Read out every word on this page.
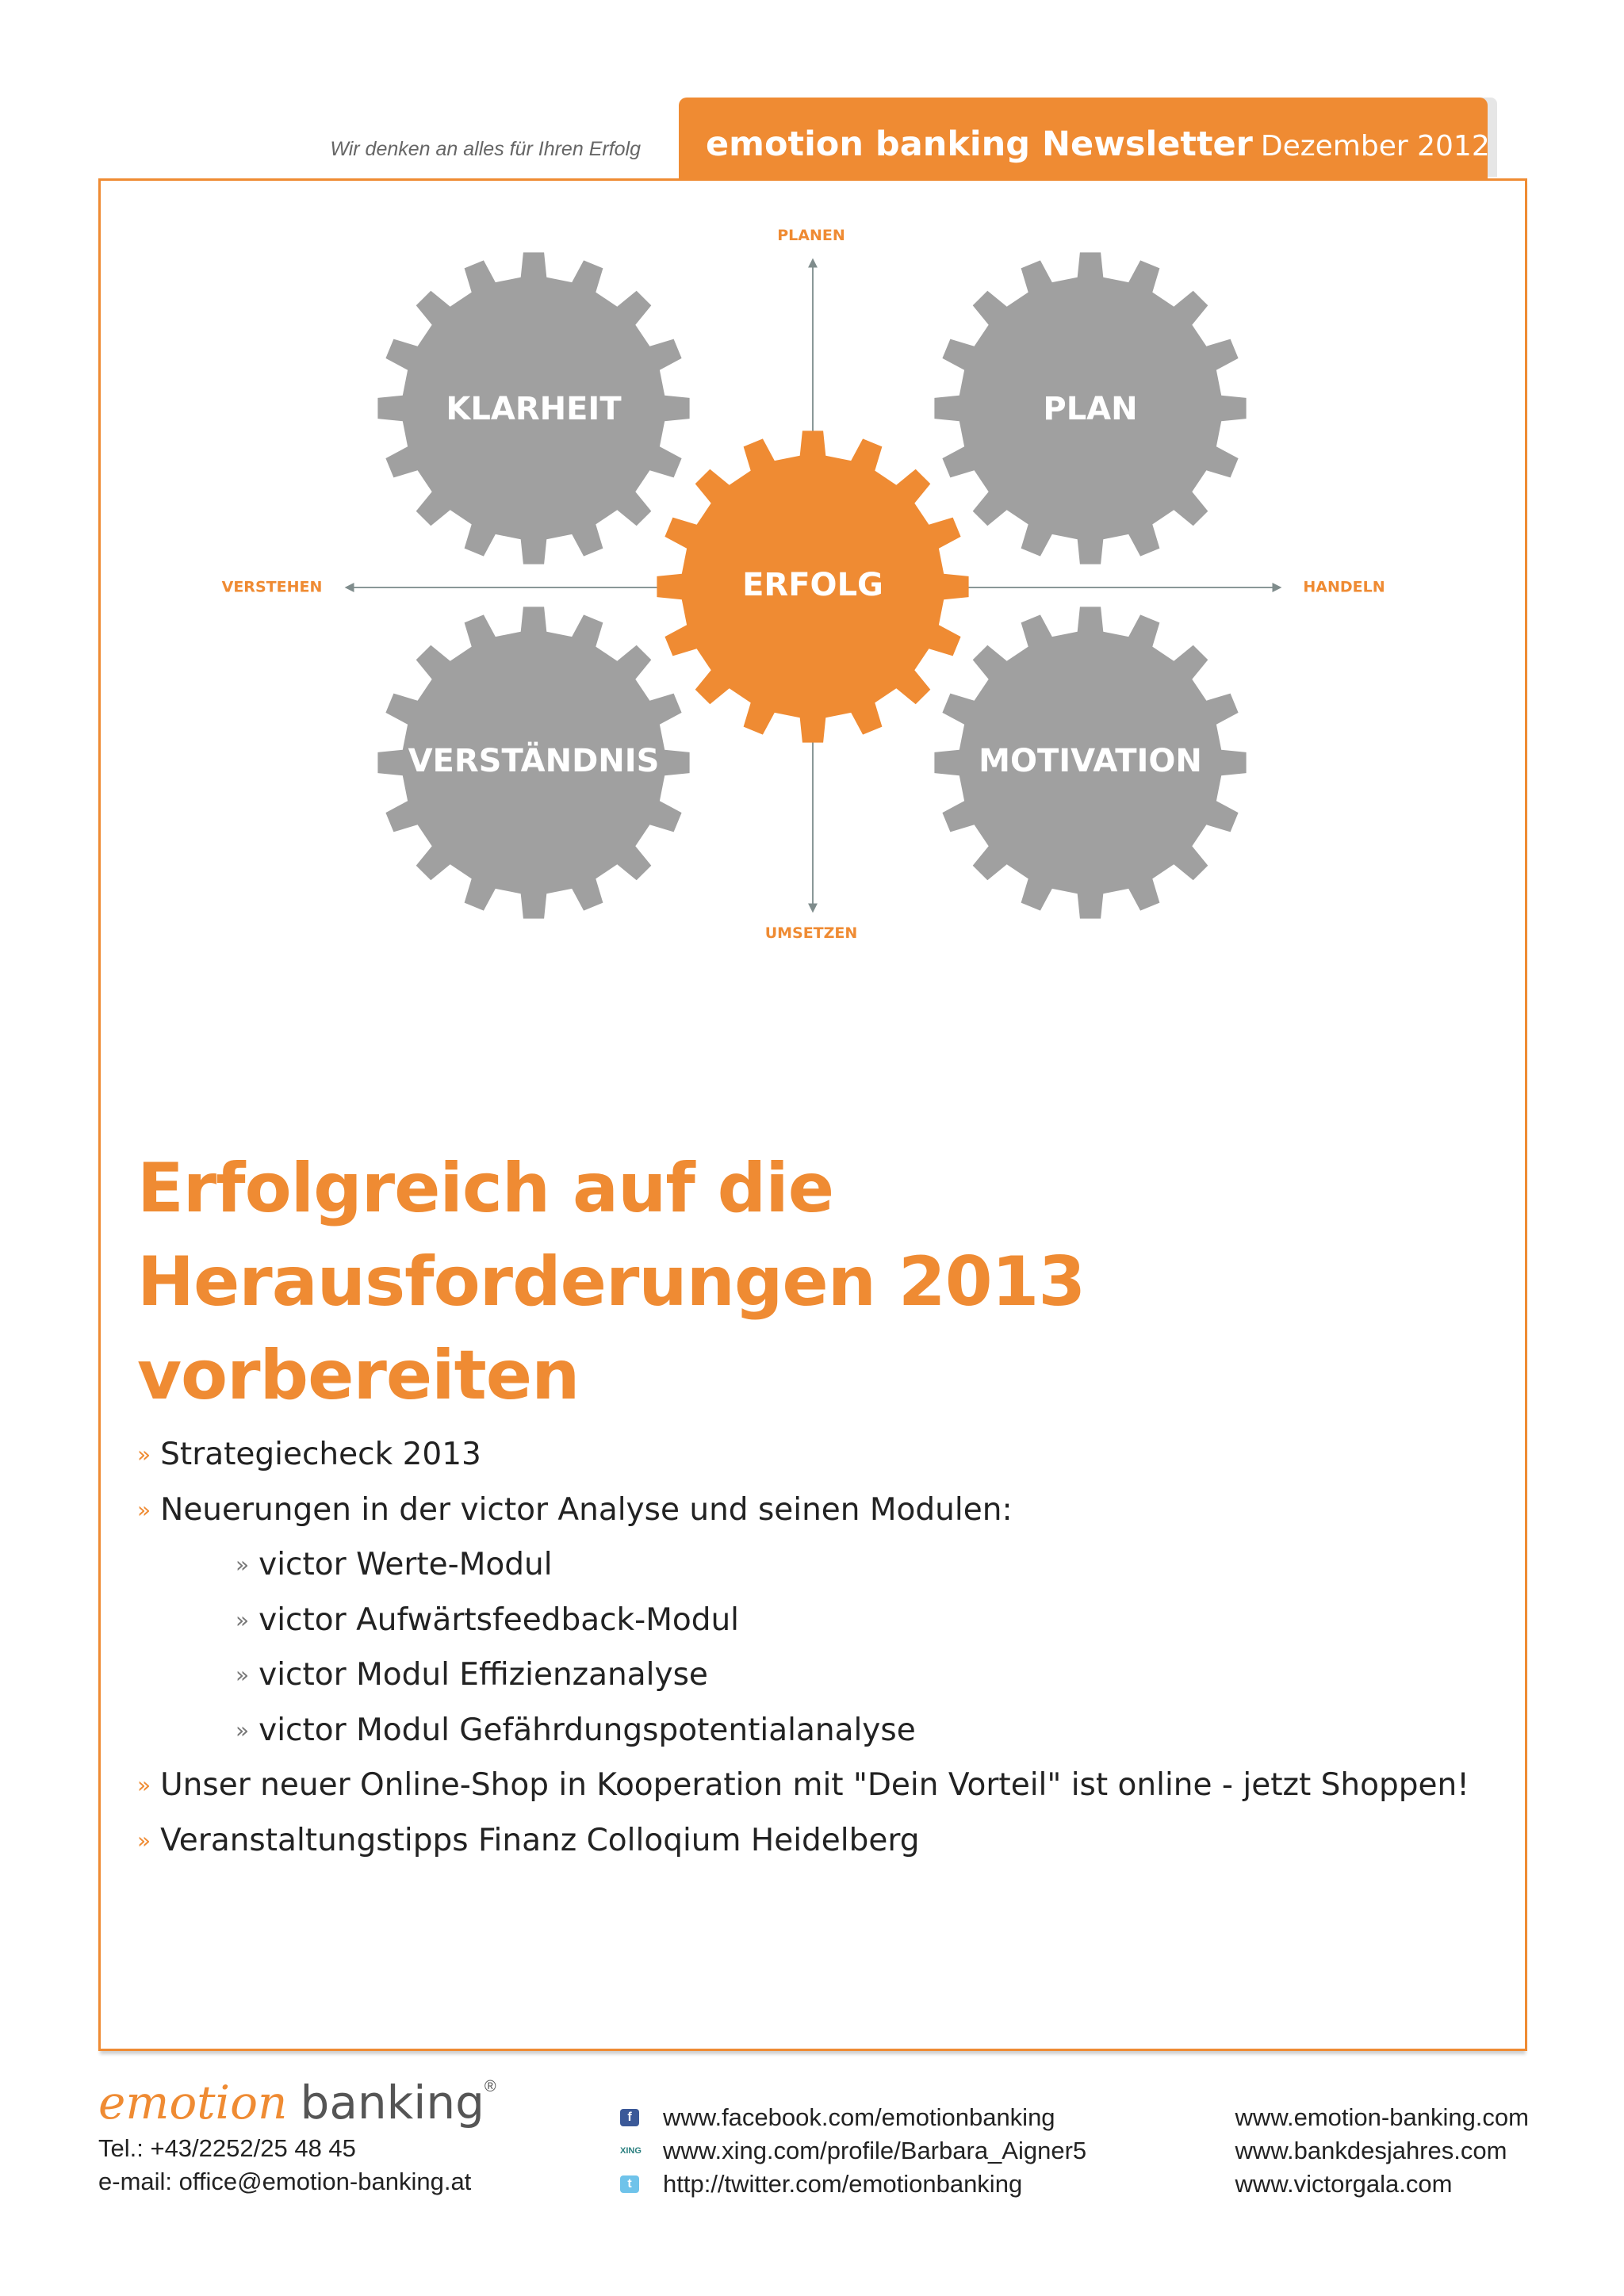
Wir denken an alles für Ihren Erfolg emotion banking Newsletter Dezember 2012
KLARHEIT	PLAN
VERSTÄNDNIS	MOTIVATION
ERFOLG
PLANEN
UMSETZEN
VERSTEHEN	HANDELN
Erfolgreich auf die Herausforderungen 2013 vorbereiten
» Strategiecheck 2013
» Neuerungen in der victor Analyse und seinen Modulen:
» victor Werte-Modul
» victor Aufwärtsfeedback-Modul
» victor Modul Effizienzanalyse
» victor Modul Gefährdungspotentialanalyse
» Unser neuer Online-Shop in Kooperation mit "Dein Vorteil" ist online - jetzt Shoppen!
» Veranstaltungstipps Finanz Colloqium Heidelberg
emotion banking®
Tel.: +43/2252/25 48 45
e-mail: office@emotion-banking.at
f	www.facebook.com/emotionbanking
XING www.xing.com/profile/Barbara_Aigner5
t	http://twitter.com/emotionbanking
www.emotion-banking.com
www.bankdesjahres.com
www.victorgala.com
